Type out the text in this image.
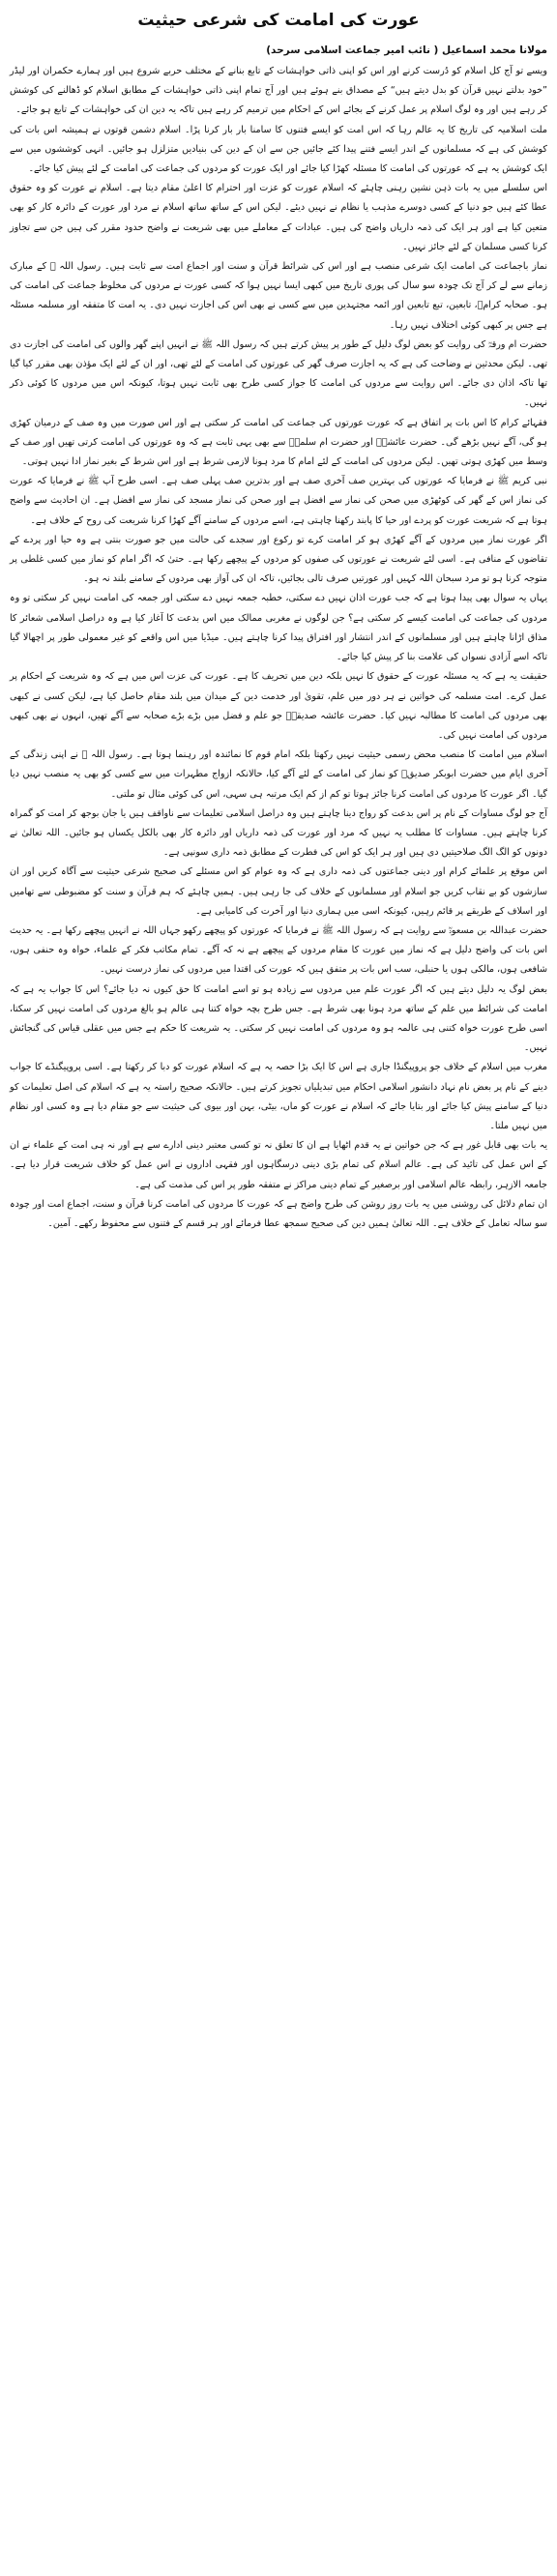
عورت کی امامت کی شرعی حیثیت

مولانا محمد اسماعیل ( نائب امیر جماعت اسلامی سرحد)

ویسے تو آج کل اسلام کو دُرست کرنے اور اس کو اپنی ذاتی خواہشات کے تابع بنانے کے مختلف حربے شروع ہیں اور ہمارے حکمران اور لیڈر ”خود بدلتے نہیں قرآن کو بدل دیتے ہیں“ کے مصداق بنے ہوئے ہیں اور آج تمام اپنی ذاتی خواہشات کے مطابق اسلام کو ڈھالنے کی کوشش کر رہے ہیں اور وہ لوگ اسلام پر عمل کرنے کے بجائے اس کے احکام میں ترمیم کر رہے ہیں تاکہ یہ دین ان کی خواہشات کے تابع ہو جائے۔

ملت اسلامیہ کی تاریخ کا یہ عالم رہا کہ اس امت کو ایسے فتنوں کا سامنا بار بار کرنا پڑا۔ اسلام دشمن قوتوں نے ہمیشہ اس بات کی کوشش کی ہے کہ مسلمانوں کے اندر ایسے فتنے پیدا کئے جائیں جن سے ان کے دین کی بنیادیں متزلزل ہو جائیں۔ انہی کوششوں میں سے ایک کوشش یہ ہے کہ عورتوں کی امامت کا مسئلہ کھڑا کیا جائے اور ایک عورت کو مردوں کی جماعت کی امامت کے لئے پیش کیا جائے۔

اس سلسلے میں یہ بات ذہن نشین رہنی چاہئے کہ اسلام عورت کو عزت اور احترام کا اعلیٰ مقام دیتا ہے۔ اسلام نے عورت کو وہ حقوق عطا کئے ہیں جو دنیا کے کسی دوسرے مذہب یا نظام نے نہیں دیئے۔ لیکن اس کے ساتھ ساتھ اسلام نے مرد اور عورت کے دائرہ کار کو بھی متعین کیا ہے اور ہر ایک کی ذمہ داریاں واضح کی ہیں۔ عبادات کے معاملے میں بھی شریعت نے واضح حدود مقرر کی ہیں جن سے تجاوز کرنا کسی مسلمان کے لئے جائز نہیں۔

نماز باجماعت کی امامت ایک شرعی منصب ہے اور اس کی شرائط قرآن و سنت اور اجماع امت سے ثابت ہیں۔ رسول اللہ ﷺ کے مبارک زمانے سے لے کر آج تک چودہ سو سال کی پوری تاریخ میں کبھی ایسا نہیں ہوا کہ کسی عورت نے مردوں کی مخلوط جماعت کی امامت کی ہو۔ صحابہ کرامؓ، تابعین، تبع تابعین اور ائمہ مجتہدین میں سے کسی نے بھی اس کی اجازت نہیں دی۔ یہ امت کا متفقہ اور مسلمہ مسئلہ ہے جس پر کبھی کوئی اختلاف نہیں رہا۔

حضرت ام ورقہؓ کی روایت کو بعض لوگ دلیل کے طور پر پیش کرتے ہیں کہ رسول اللہ ﷺ نے انہیں اپنے گھر والوں کی امامت کی اجازت دی تھی۔ لیکن محدثین نے وضاحت کی ہے کہ یہ اجازت صرف گھر کی عورتوں کی امامت کے لئے تھی، اور ان کے لئے ایک مؤذن بھی مقرر کیا گیا تھا تاکہ اذان دی جائے۔ اس روایت سے مردوں کی امامت کا جواز کسی طرح بھی ثابت نہیں ہوتا، کیونکہ اس میں مردوں کا کوئی ذکر نہیں۔

فقہائے کرام کا اس بات پر اتفاق ہے کہ عورت عورتوں کی جماعت کی امامت کر سکتی ہے اور اس صورت میں وہ صف کے درمیان کھڑی ہو گی، آگے نہیں بڑھے گی۔ حضرت عائشہؓ اور حضرت ام سلمہؓ سے بھی یہی ثابت ہے کہ وہ عورتوں کی امامت کرتی تھیں اور صف کے وسط میں کھڑی ہوتی تھیں۔ لیکن مردوں کی امامت کے لئے امام کا مرد ہونا لازمی شرط ہے اور اس شرط کے بغیر نماز ادا نہیں ہوتی۔

نبی کریم ﷺ نے فرمایا کہ عورتوں کی بہترین صف آخری صف ہے اور بدترین صف پہلی صف ہے۔ اسی طرح آپ ﷺ نے فرمایا کہ عورت کی نماز اس کے گھر کی کوٹھڑی میں صحن کی نماز سے افضل ہے اور صحن کی نماز مسجد کی نماز سے افضل ہے۔ ان احادیث سے واضح ہوتا ہے کہ شریعت عورت کو پردے اور حیا کا پابند رکھنا چاہتی ہے، اسے مردوں کے سامنے آگے کھڑا کرنا شریعت کی روح کے خلاف ہے۔

اگر عورت نماز میں مردوں کے آگے کھڑی ہو کر امامت کرے تو رکوع اور سجدے کی حالت میں جو صورت بنتی ہے وہ حیا اور پردے کے تقاضوں کے منافی ہے۔ اسی لئے شریعت نے عورتوں کی صفوں کو مردوں کے پیچھے رکھا ہے۔ حتیٰ کہ اگر امام کو نماز میں کسی غلطی پر متوجہ کرنا ہو تو مرد سبحان اللہ کہیں اور عورتیں صرف تالی بجائیں، تاکہ ان کی آواز بھی مردوں کے سامنے بلند نہ ہو۔

یہاں یہ سوال بھی پیدا ہوتا ہے کہ جب عورت اذان نہیں دے سکتی، خطبہ جمعہ نہیں دے سکتی اور جمعہ کی امامت نہیں کر سکتی تو وہ مردوں کی جماعت کی امامت کیسے کر سکتی ہے؟ جن لوگوں نے مغربی ممالک میں اس بدعت کا آغاز کیا ہے وہ دراصل اسلامی شعائر کا مذاق اڑانا چاہتے ہیں اور مسلمانوں کے اندر انتشار اور افتراق پیدا کرنا چاہتے ہیں۔ میڈیا میں اس واقعے کو غیر معمولی طور پر اچھالا گیا تاکہ اسے آزادی نسواں کی علامت بنا کر پیش کیا جائے۔

حقیقت یہ ہے کہ یہ مسئلہ عورت کے حقوق کا نہیں بلکہ دین میں تحریف کا ہے۔ عورت کی عزت اس میں ہے کہ وہ شریعت کے احکام پر عمل کرے۔ امت مسلمہ کی خواتین نے ہر دور میں علم، تقویٰ اور خدمت دین کے میدان میں بلند مقام حاصل کیا ہے، لیکن کسی نے کبھی بھی مردوں کی امامت کا مطالبہ نہیں کیا۔ حضرت عائشہ صدیقہؓ جو علم و فضل میں بڑے بڑے صحابہ سے آگے تھیں، انہوں نے بھی کبھی مردوں کی امامت نہیں کی۔

اسلام میں امامت کا منصب محض رسمی حیثیت نہیں رکھتا بلکہ امام قوم کا نمائندہ اور رہنما ہوتا ہے۔ رسول اللہ ﷺ نے اپنی زندگی کے آخری ایام میں حضرت ابوبکر صدیقؓ کو نماز کی امامت کے لئے آگے کیا، حالانکہ ازواج مطہرات میں سے کسی کو بھی یہ منصب نہیں دیا گیا۔ اگر عورت کا مردوں کی امامت کرنا جائز ہوتا تو کم از کم ایک مرتبہ ہی سہی، اس کی کوئی مثال تو ملتی۔

آج جو لوگ مساوات کے نام پر اس بدعت کو رواج دینا چاہتے ہیں وہ دراصل اسلامی تعلیمات سے ناواقف ہیں یا جان بوجھ کر امت کو گمراہ کرنا چاہتے ہیں۔ مساوات کا مطلب یہ نہیں کہ مرد اور عورت کی ذمہ داریاں اور دائرہ کار بھی بالکل یکساں ہو جائیں۔ اللہ تعالیٰ نے دونوں کو الگ الگ صلاحیتیں دی ہیں اور ہر ایک کو اس کی فطرت کے مطابق ذمہ داری سونپی ہے۔

اس موقع پر علمائے کرام اور دینی جماعتوں کی ذمہ داری ہے کہ وہ عوام کو اس مسئلے کی صحیح شرعی حیثیت سے آگاہ کریں اور ان سازشوں کو بے نقاب کریں جو اسلام اور مسلمانوں کے خلاف کی جا رہی ہیں۔ ہمیں چاہئے کہ ہم قرآن و سنت کو مضبوطی سے تھامیں اور اسلاف کے طریقے پر قائم رہیں، کیونکہ اسی میں ہماری دنیا اور آخرت کی کامیابی ہے۔

حضرت عبداللہ بن مسعودؓ سے روایت ہے کہ رسول اللہ ﷺ نے فرمایا کہ عورتوں کو پیچھے رکھو جہاں اللہ نے انہیں پیچھے رکھا ہے۔ یہ حدیث اس بات کی واضح دلیل ہے کہ نماز میں عورت کا مقام مردوں کے پیچھے ہے نہ کہ آگے۔ تمام مکاتب فکر کے علماء، خواہ وہ حنفی ہوں، شافعی ہوں، مالکی ہوں یا حنبلی، سب اس بات پر متفق ہیں کہ عورت کی اقتدا میں مردوں کی نماز درست نہیں۔

بعض لوگ یہ دلیل دیتے ہیں کہ اگر عورت علم میں مردوں سے زیادہ ہو تو اسے امامت کا حق کیوں نہ دیا جائے؟ اس کا جواب یہ ہے کہ امامت کی شرائط میں علم کے ساتھ مرد ہونا بھی شرط ہے۔ جس طرح بچہ خواہ کتنا ہی عالم ہو بالغ مردوں کی امامت نہیں کر سکتا، اسی طرح عورت خواہ کتنی ہی عالمہ ہو وہ مردوں کی امامت نہیں کر سکتی۔ یہ شریعت کا حکم ہے جس میں عقلی قیاس کی گنجائش نہیں۔

مغرب میں اسلام کے خلاف جو پروپیگنڈا جاری ہے اس کا ایک بڑا حصہ یہ ہے کہ اسلام عورت کو دبا کر رکھتا ہے۔ اسی پروپیگنڈے کا جواب دینے کے نام پر بعض نام نہاد دانشور اسلامی احکام میں تبدیلیاں تجویز کرتے ہیں۔ حالانکہ صحیح راستہ یہ ہے کہ اسلام کی اصل تعلیمات کو دنیا کے سامنے پیش کیا جائے اور بتایا جائے کہ اسلام نے عورت کو ماں، بیٹی، بہن اور بیوی کی حیثیت سے جو مقام دیا ہے وہ کسی اور نظام میں نہیں ملتا۔

یہ بات بھی قابل غور ہے کہ جن خواتین نے یہ قدم اٹھایا ہے ان کا تعلق نہ تو کسی معتبر دینی ادارے سے ہے اور نہ ہی امت کے علماء نے ان کے اس عمل کی تائید کی ہے۔ عالم اسلام کی تمام بڑی دینی درسگاہوں اور فقہی اداروں نے اس عمل کو خلاف شریعت قرار دیا ہے۔ جامعہ الازہر، رابطہ عالم اسلامی اور برصغیر کے تمام دینی مراکز نے متفقہ طور پر اس کی مذمت کی ہے۔

ان تمام دلائل کی روشنی میں یہ بات روز روشن کی طرح واضح ہے کہ عورت کا مردوں کی امامت کرنا قرآن و سنت، اجماع امت اور چودہ سو سالہ تعامل کے خلاف ہے۔ اللہ تعالیٰ ہمیں دین کی صحیح سمجھ عطا فرمائے اور ہر قسم کے فتنوں سے محفوظ رکھے۔ آمین۔
